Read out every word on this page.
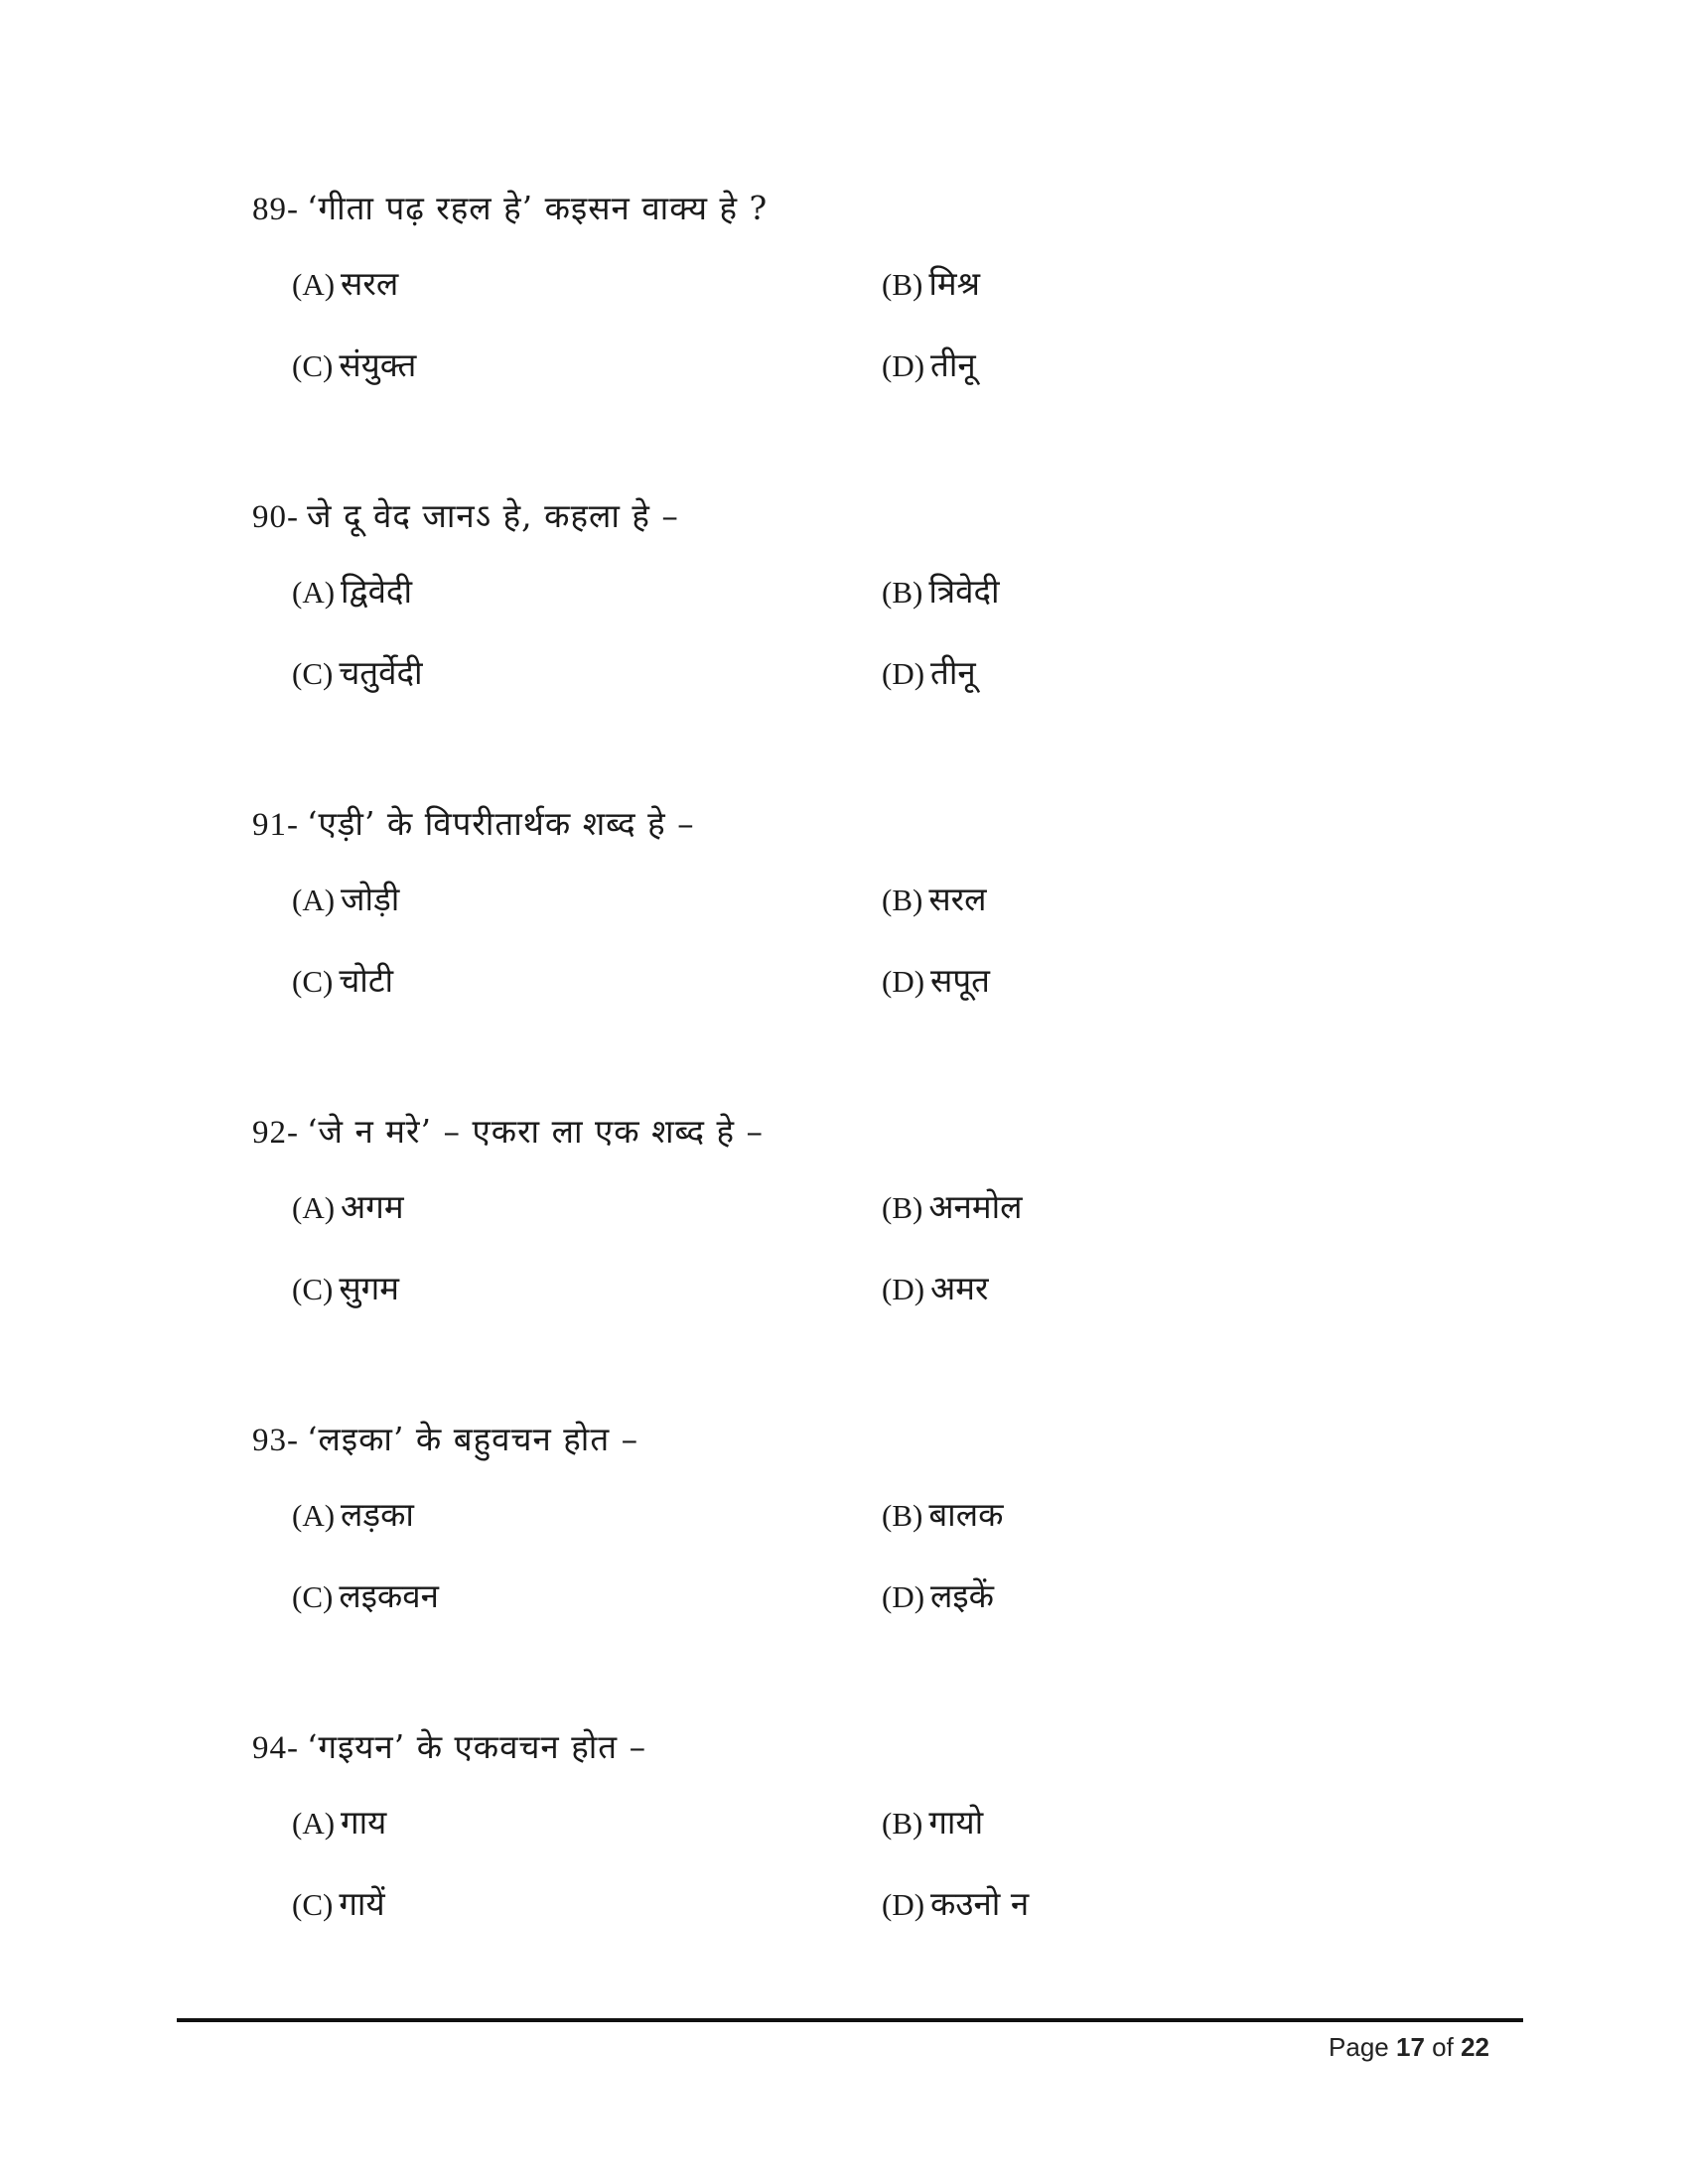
89- ‘गीता पढ़ रहल हे’ कइसन वाक्य हे ?
(A) सरल	(B) मिश्र
(C) संयुक्त	(D) तीनू
90- जे दू वेद जानऽ हे, कहला हे –
(A) द्विवेदी	(B) त्रिवेदी
(C) चतुर्वेदी	(D) तीनू
91- ‘एड़ी’ के विपरीतार्थक शब्द हे –
(A) जोड़ी	(B) सरल
(C) चोटी	(D) सपूत
92- ‘जे न मरे’ – एकरा ला एक शब्द हे –
(A) अगम	(B) अनमोल
(C) सुगम	(D) अमर
93- ‘लइका’ के बहुवचन होत –
(A) लड़का	(B) बालक
(C) लइकवन	(D) लइकें
94- ‘गइयन’ के एकवचन होत –
(A) गाय	(B) गायो
(C) गायें	(D) कउनो न
Page 17 of 22
